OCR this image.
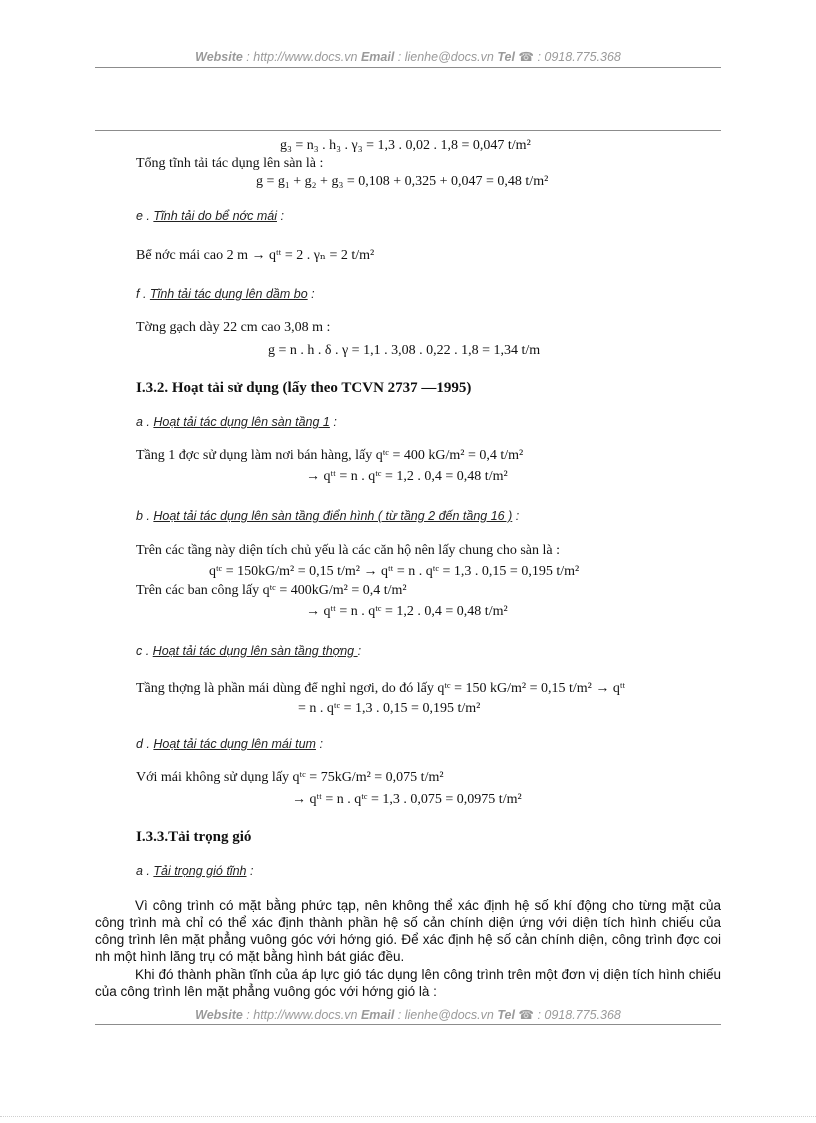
Website : http://www.docs.vn Email : lienhe@docs.vn Tel ☎ : 0918.775.368
g₃ = n₃ . h₃ . γ₃ = 1,3 . 0,02 . 1,8 = 0,047 t/m²
Tổng tĩnh tải tác dụng lên sàn là :
g = g₁ + g₂ + g₃ = 0,108 + 0,325 + 0,047 = 0,48 t/m²
e . Tĩnh tải do bể nớc mái :
Bể nớc mái cao 2 m → qᵗᵗ = 2 . γₙ = 2 t/m²
f . Tĩnh tải tác dụng lên dầm bo :
Tờng gạch dày 22 cm cao 3,08 m :
g = n . h . δ . γ = 1,1 . 3,08 . 0,22 . 1,8 = 1,34 t/m
I.3.2. Hoạt tải sử dụng (lấy theo TCVN 2737 —1995)
a . Hoạt tải tác dụng lên sàn tầng 1 :
Tầng 1 đợc sử dụng làm nơi bán hàng, lấy qᵗᶜ = 400 kG/m² = 0,4 t/m²
→ qᵗᵗ = n . qᵗᶜ = 1,2 . 0,4 = 0,48 t/m²
b . Hoạt tải tác dụng lên sàn tầng điển hình ( từ tầng 2 đến tầng 16 ) :
Trên các tầng này diện tích chủ yếu là các căn hộ nên lấy chung cho sàn là :
qᵗᶜ = 150kG/m² = 0,15 t/m² → qᵗᵗ = n . qᵗᶜ = 1,3 . 0,15 = 0,195 t/m²
Trên các ban công lấy qᵗᶜ = 400kG/m² = 0,4 t/m²
→ qᵗᵗ = n . qᵗᶜ = 1,2 . 0,4 = 0,48 t/m²
c . Hoạt tải tác dụng lên sàn tầng thợng :
Tầng thợng là phần mái dùng để nghỉ ngơi, do đó lấy qᵗᶜ = 150 kG/m² = 0,15 t/m² → qᵗᵗ
= n . qᵗᶜ = 1,3 . 0,15 = 0,195 t/m²
d . Hoạt tải tác dụng lên mái tum :
Với mái không sử dụng lấy qᵗᶜ = 75kG/m² = 0,075 t/m²
→ qᵗᵗ = n . qᵗᶜ = 1,3 . 0,075 = 0,0975 t/m²
I.3.3.Tải trọng gió
a . Tải trọng gió tĩnh :

Vì công trình có mặt bằng phức tạp, nên không thể xác định hệ số khí động cho từng mặt của công trình mà chỉ có thể xác định thành phần hệ số cản chính diện ứng với diện tích hình chiếu của công trình lên mặt phẳng vuông góc với hớng gió. Để xác định hệ số cản chính diện, công trình đợc coi nh một hình lăng trụ có mặt bằng hình bát giác đều.

Khi đó thành phần tĩnh của áp lực gió tác dụng lên công trình trên một đơn vị diện tích hình chiếu của công trình lên mặt phẳng vuông góc với hớng gió là :

Website : http://www.docs.vn Email : lienhe@docs.vn Tel ☎ : 0918.775.368
